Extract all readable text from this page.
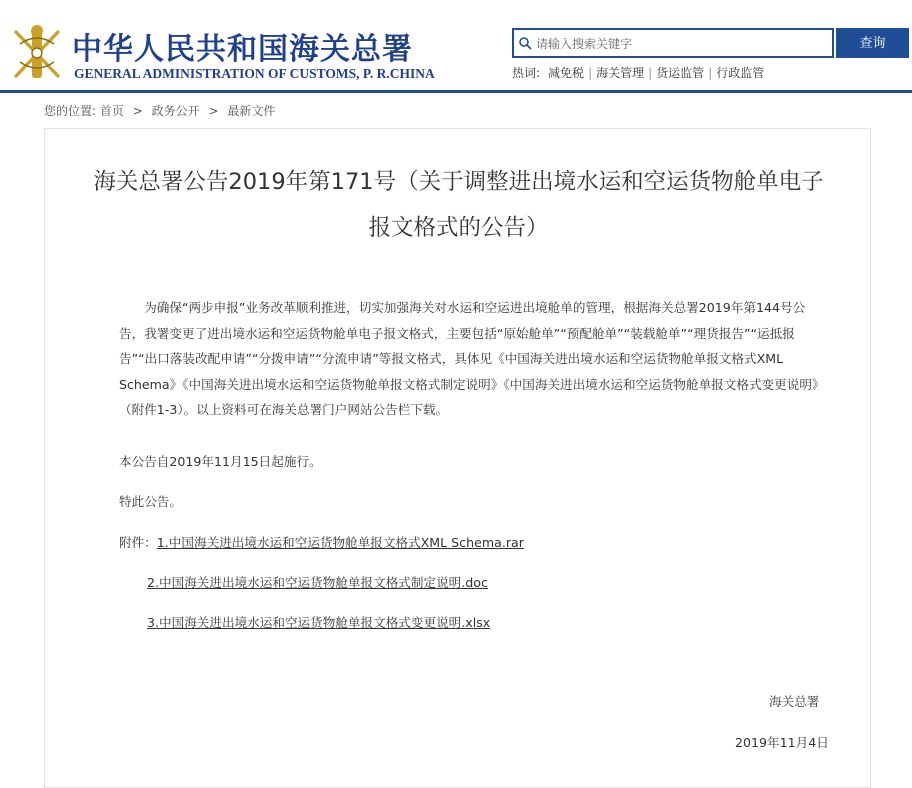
中华人民共和国海关总署
GENERAL ADMINISTRATION OF CUSTOMS, P. R.CHINA
请输入搜索关键字
查询
热词: 减免税 | 海关管理 | 货运监管 | 行政监管
您的位置: 首页 > 政务公开 > 最新文件
海关总署公告2019年第171号（关于调整进出境水运和空运货物舱单电子报文格式的公告）

为确保“两步申报”业务改革顺利推进，切实加强海关对水运和空运进出境舱单的管理，根据海关总署2019年第144号公告，我署变更了进出境水运和空运货物舱单电子报文格式，主要包括“原始舱单”“预配舱单”“装载舱单”“理货报告”“运抵报告”“出口落装改配申请”“分拨申请”“分流申请”等报文格式，具体见《中国海关进出境水运和空运货物舱单报文格式XML Schema》《中国海关进出境水运和空运货物舱单报文格式制定说明》《中国海关进出境水运和空运货物舱单报文格式变更说明》（附件1-3）。以上资料可在海关总署门户网站公告栏下载。

本公告自2019年11月15日起施行。
特此公告。
附件：1.中国海关进出境水运和空运货物舱单报文格式XML Schema.rar
2.中国海关进出境水运和空运货物舱单报文格式制定说明.doc
3.中国海关进出境水运和空运货物舱单报文格式变更说明.xlsx
海关总署
2019年11月4日
